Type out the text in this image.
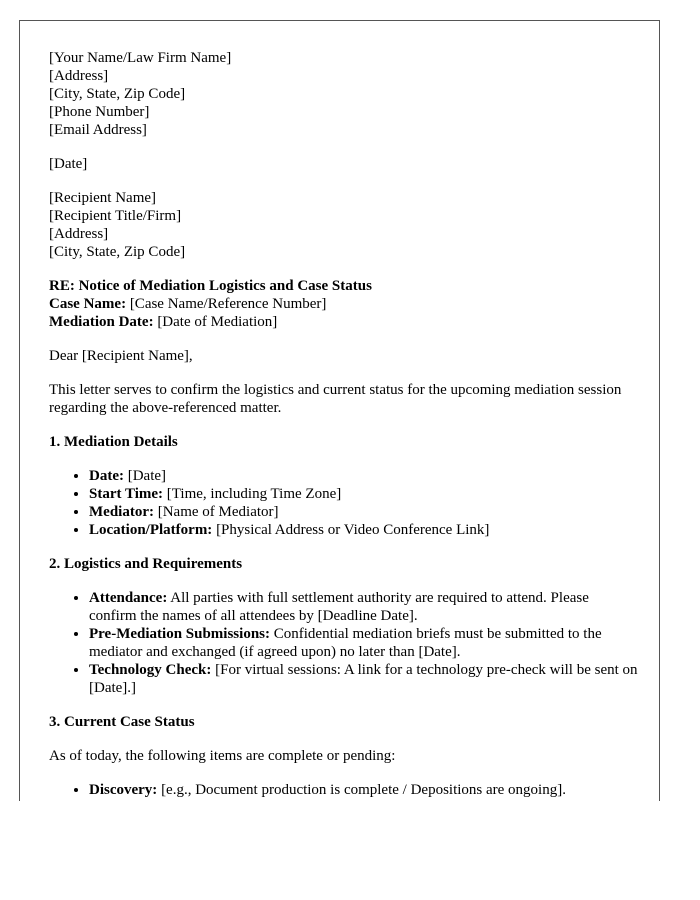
[Your Name/Law Firm Name]
[Address]
[City, State, Zip Code]
[Phone Number]
[Email Address]
[Date]
[Recipient Name]
[Recipient Title/Firm]
[Address]
[City, State, Zip Code]
RE: Notice of Mediation Logistics and Case Status
Case Name: [Case Name/Reference Number]
Mediation Date: [Date of Mediation]
Dear [Recipient Name],
This letter serves to confirm the logistics and current status for the upcoming mediation session regarding the above-referenced matter.
1. Mediation Details
• Date: [Date]
• Start Time: [Time, including Time Zone]
• Mediator: [Name of Mediator]
• Location/Platform: [Physical Address or Video Conference Link]
2. Logistics and Requirements
• Attendance: All parties with full settlement authority are required to attend. Please confirm the names of all attendees by [Deadline Date].
• Pre-Mediation Submissions: Confidential mediation briefs must be submitted to the mediator and exchanged (if agreed upon) no later than [Date].
• Technology Check: [For virtual sessions: A link for a technology pre-check will be sent on [Date].]
3. Current Case Status
As of today, the following items are complete or pending:
• Discovery: [e.g., Document production is complete / Depositions are ongoing].
